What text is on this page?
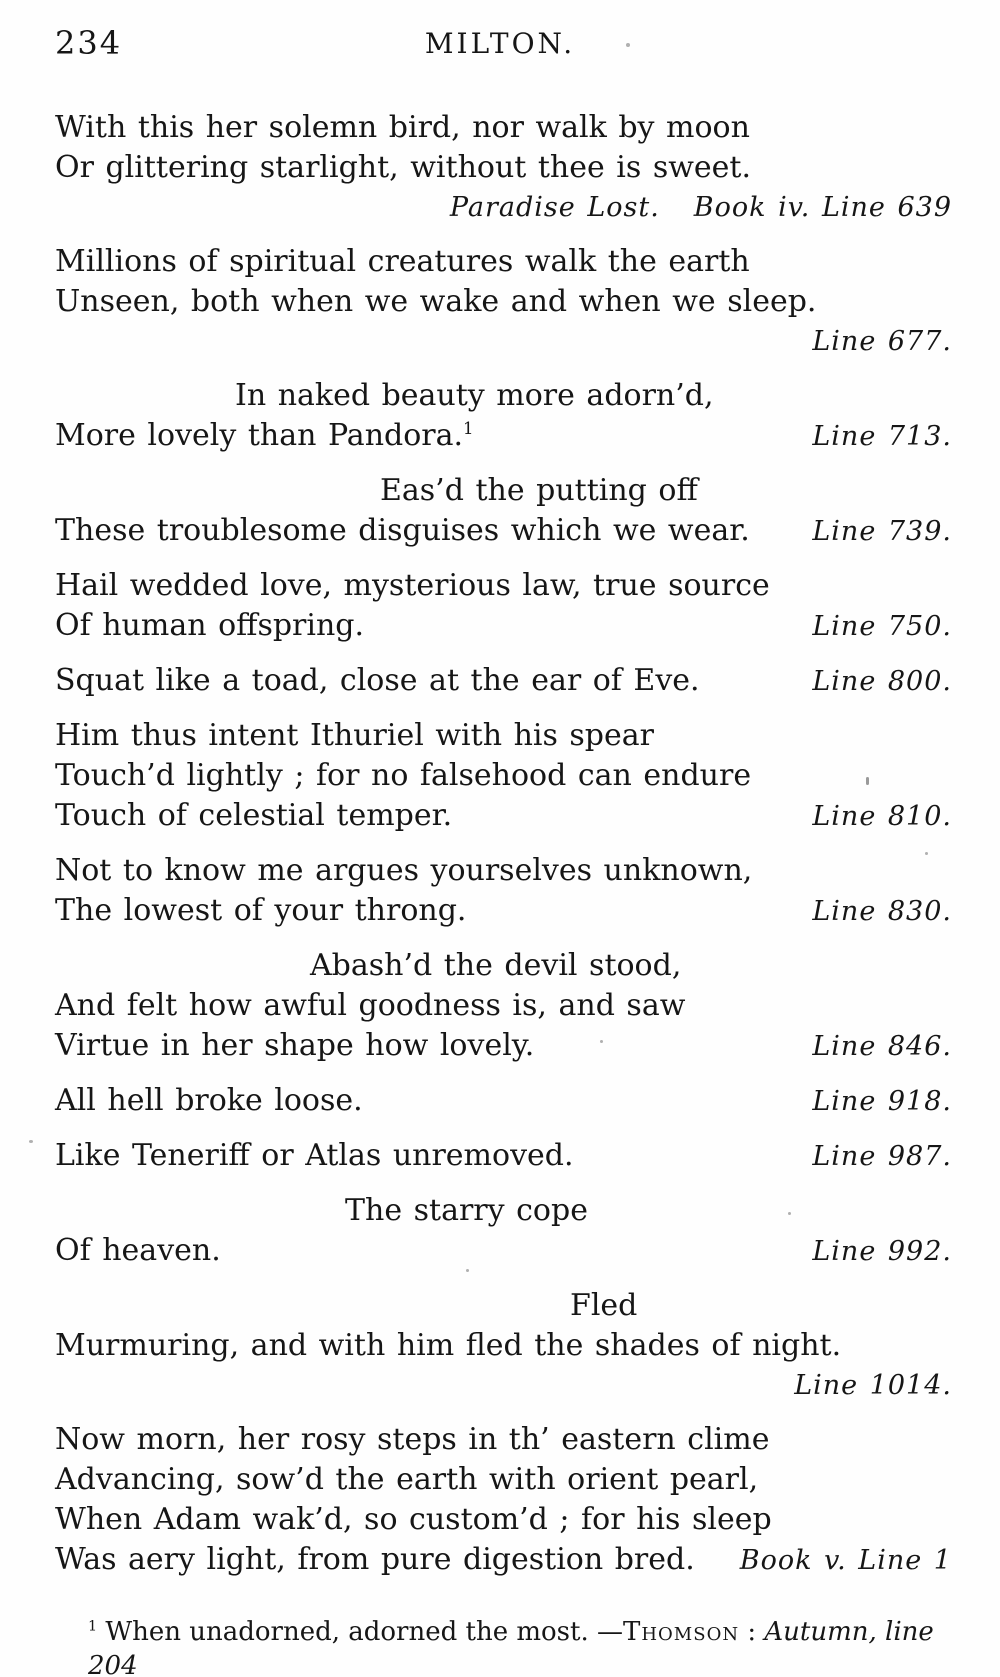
234	MILTON.
With this her solemn bird, nor walk by moon
Or glittering starlight, without thee is sweet.
Paradise Lost. Book iv. Line 639
Millions of spiritual creatures walk the earth
Unseen, both when we wake and when we sleep.
Line 677.
In naked beauty more adorn’d,
More lovely than Pandora.$^1$	Line 713.
Eas’d the putting off
These troublesome disguises which we wear. Line 739.
Hail wedded love, mysterious law, true source
Of human offspring.	Line 750.
Squat like a toad, close at the ear of Eve.	Line 800.
Him thus intent Ithuriel with his spear
Touch’d lightly ; for no falsehood can endure
Touch of celestial temper.	Line 810.
Not to know me argues yourselves unknown,
The lowest of your throng.	Line 830.
Abash’d the devil stood,
And felt how awful goodness is, and saw
Virtue in her shape how lovely.	Line 846.
All hell broke loose.	Line 918.
Like Teneriff or Atlas unremoved.	Line 987.
The starry cope
Of heaven.	Line 992.
Fled
Murmuring, and with him fled the shades of night.
Line 1014.
Now morn, her rosy steps in th’ eastern clime
Advancing, sow’d the earth with orient pearl,
When Adam wak’d, so custom’d ; for his sleep
Was aery light, from pure digestion bred. Book v. Line 1
$^1$ When unadorned, adorned the most. —Thomson : Autumn, line 204
